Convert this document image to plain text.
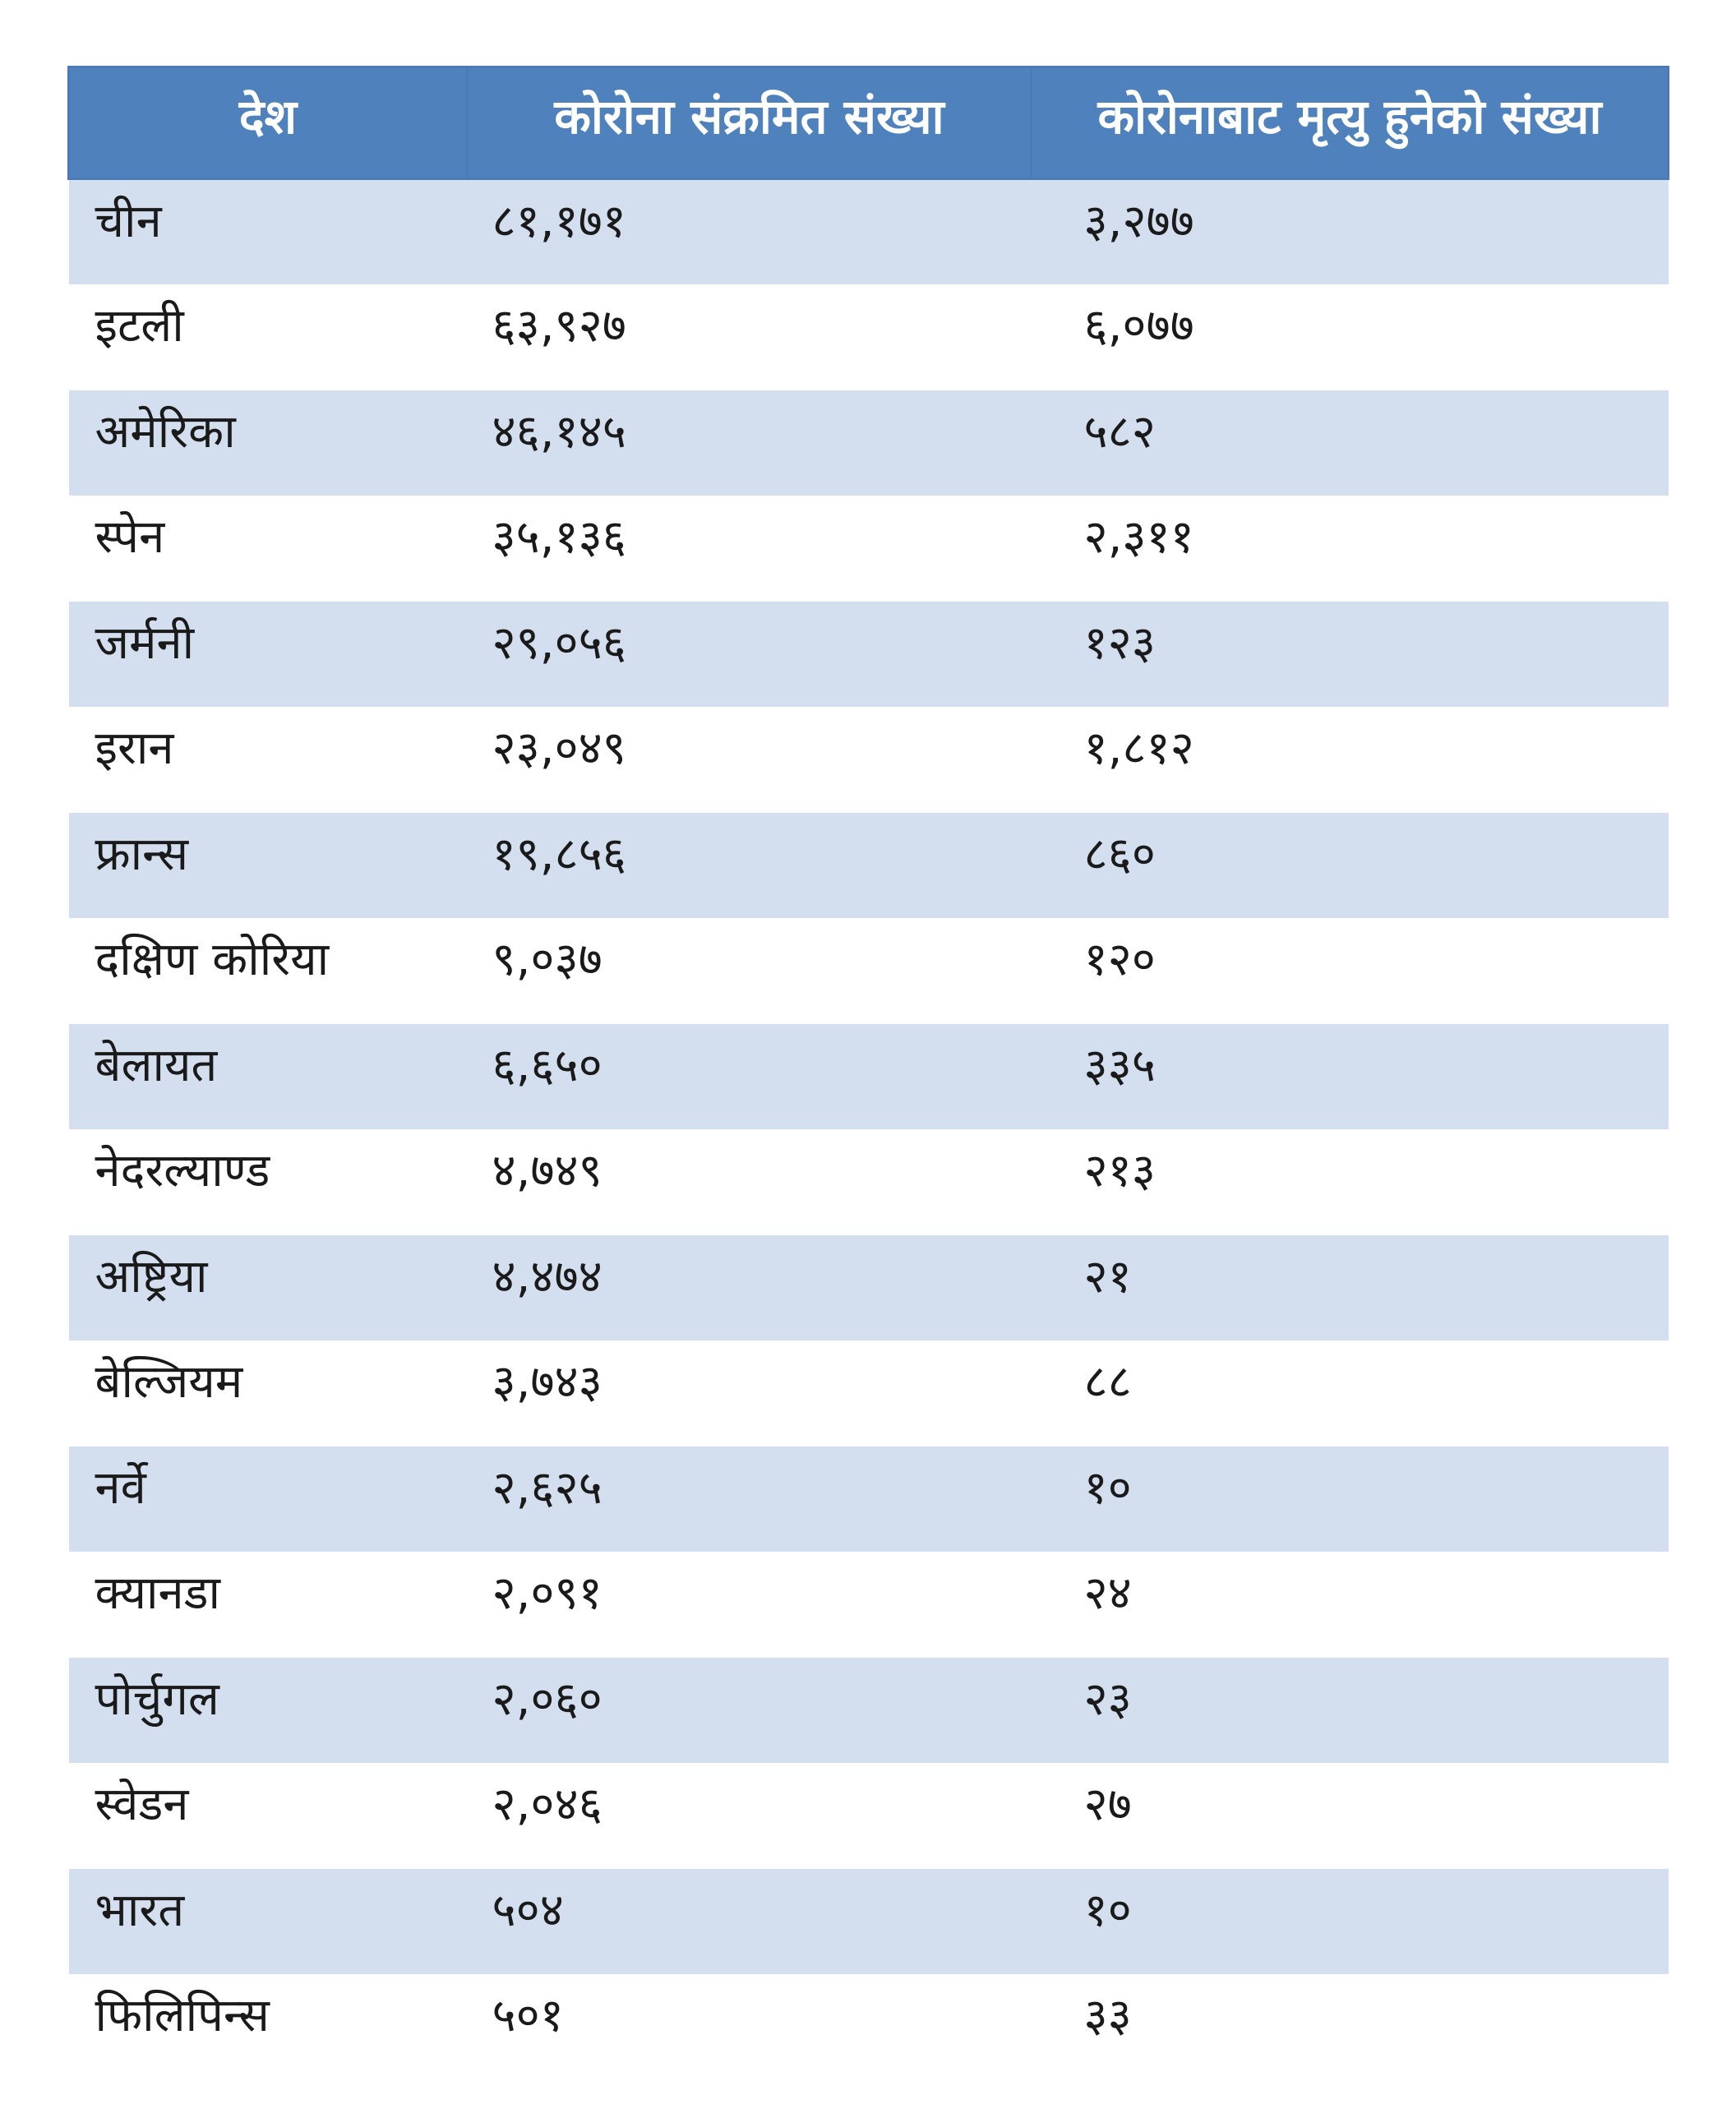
देश	कोरोना संक्रमित संख्या	कोरोनाबाट मृत्यु हुनेको संख्या
चीन	८१,१७१	३,२७७
इटली	६३,९२७	६,०७७
अमेरिका	४६,१४५	५८२
स्पेन	३५,१३६	२,३११
जर्मनी	२९,०५६	१२३
इरान	२३,०४९	१,८१२
फ्रान्स	१९,८५६	८६०
दक्षिण कोरिया	९,०३७	१२०
बेलायत	६,६५०	३३५
नेदरल्याण्ड	४,७४९	२१३
अष्ट्रिया	४,४७४	२१
बेल्जियम	३,७४३	८८
नर्वे	२,६२५	१०
क्यानडा	२,०९१	२४
पोर्चुगल	२,०६०	२३
स्वेडन	२,०४६	२७
भारत	५०४	१०
फिलिपिन्स	५०१	३३
